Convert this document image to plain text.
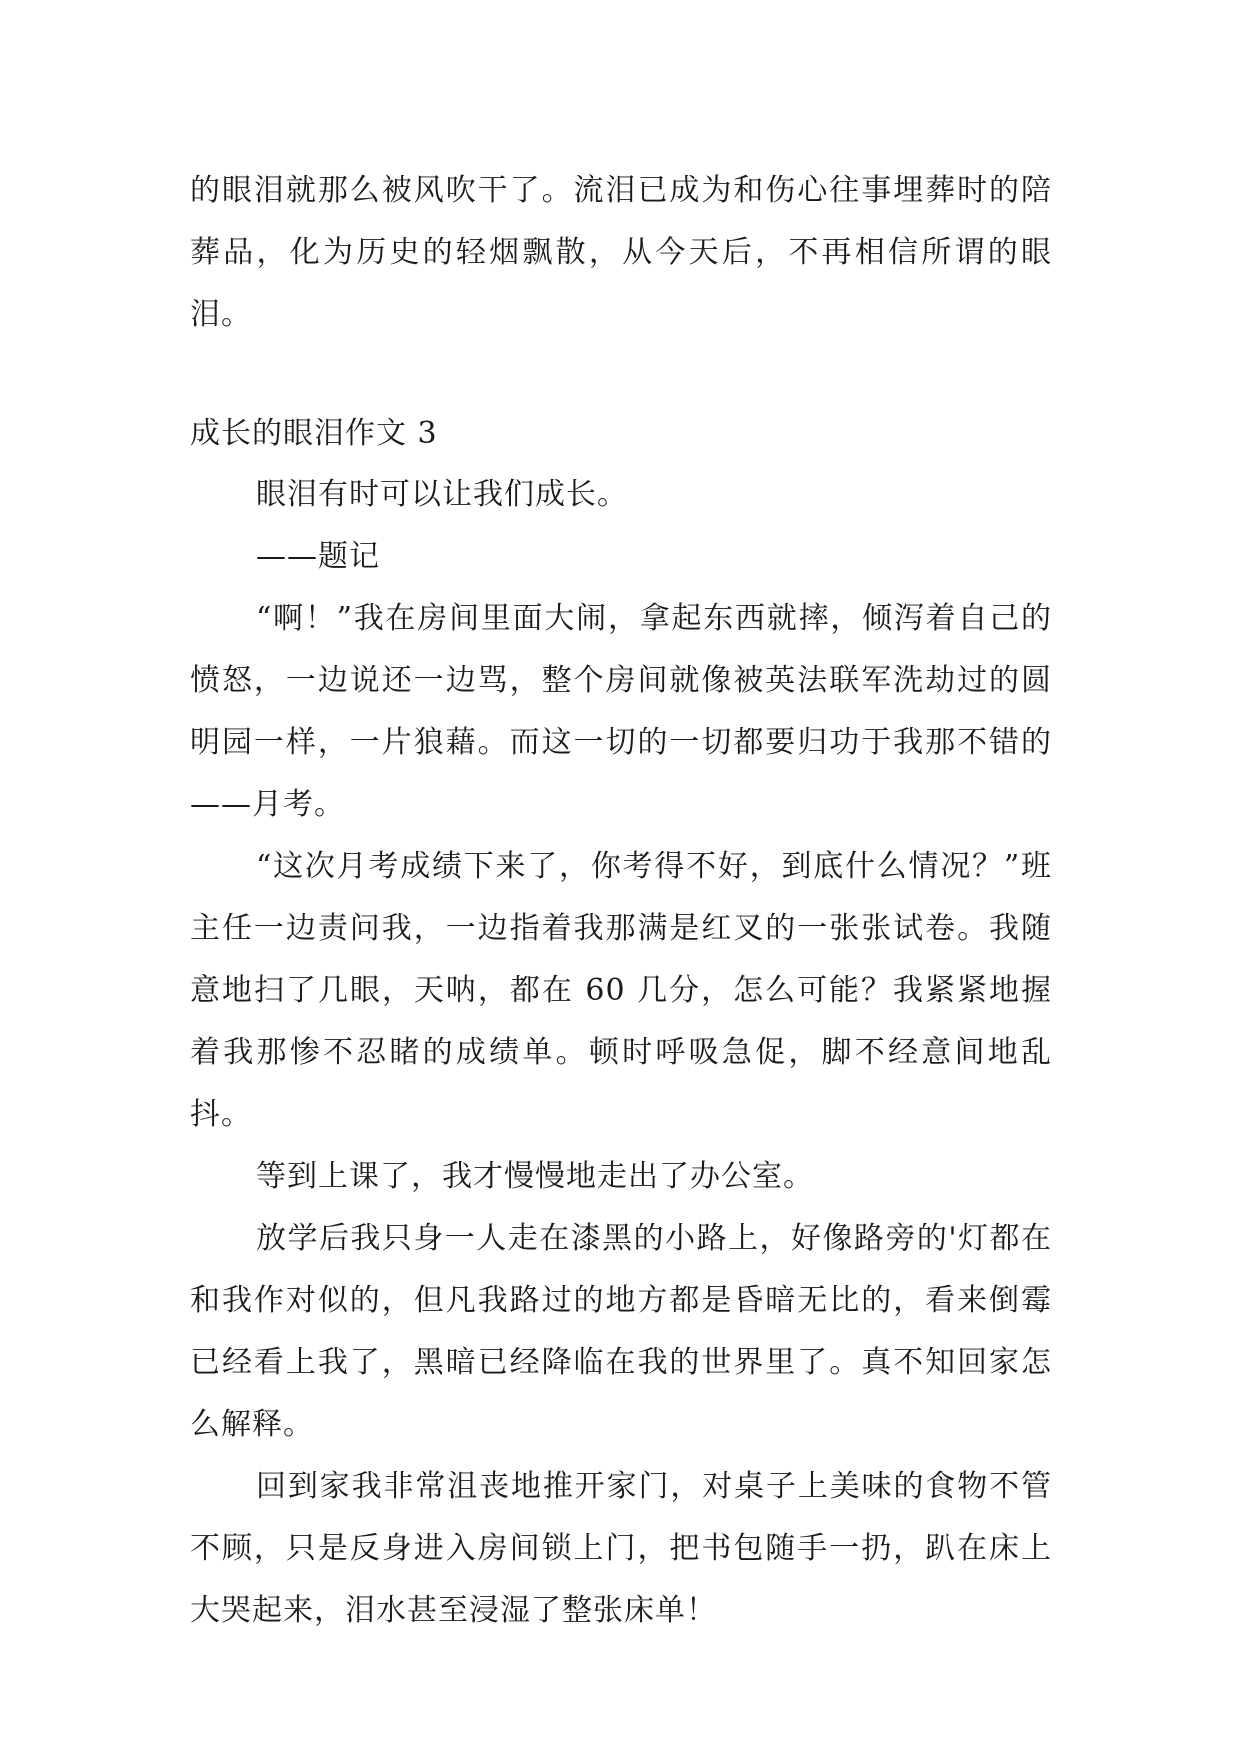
的眼泪就那么被风吹干了。流泪已成为和伤心往事埋葬时的陪葬品，化为历史的轻烟飘散，从今天后，不再相信所谓的眼泪。

成长的眼泪作文 3

眼泪有时可以让我们成长。

——题记

“啊！”我在房间里面大闹，拿起东西就摔，倾泻着自己的愤怒，一边说还一边骂，整个房间就像被英法联军洗劫过的圆明园一样，一片狼藉。而这一切的一切都要归功于我那不错的——月考。

“这次月考成绩下来了，你考得不好，到底什么情况？”班主任一边责问我，一边指着我那满是红叉的一张张试卷。我随意地扫了几眼，天呐，都在 60 几分，怎么可能？我紧紧地握着我那惨不忍睹的成绩单。顿时呼吸急促，脚不经意间地乱抖。

等到上课了，我才慢慢地走出了办公室。

放学后我只身一人走在漆黑的小路上，好像路旁的'灯都在和我作对似的，但凡我路过的地方都是昏暗无比的，看来倒霉已经看上我了，黑暗已经降临在我的世界里了。真不知回家怎么解释。

回到家我非常沮丧地推开家门，对桌子上美味的食物不管不顾，只是反身进入房间锁上门，把书包随手一扔，趴在床上大哭起来，泪水甚至浸湿了整张床单！
